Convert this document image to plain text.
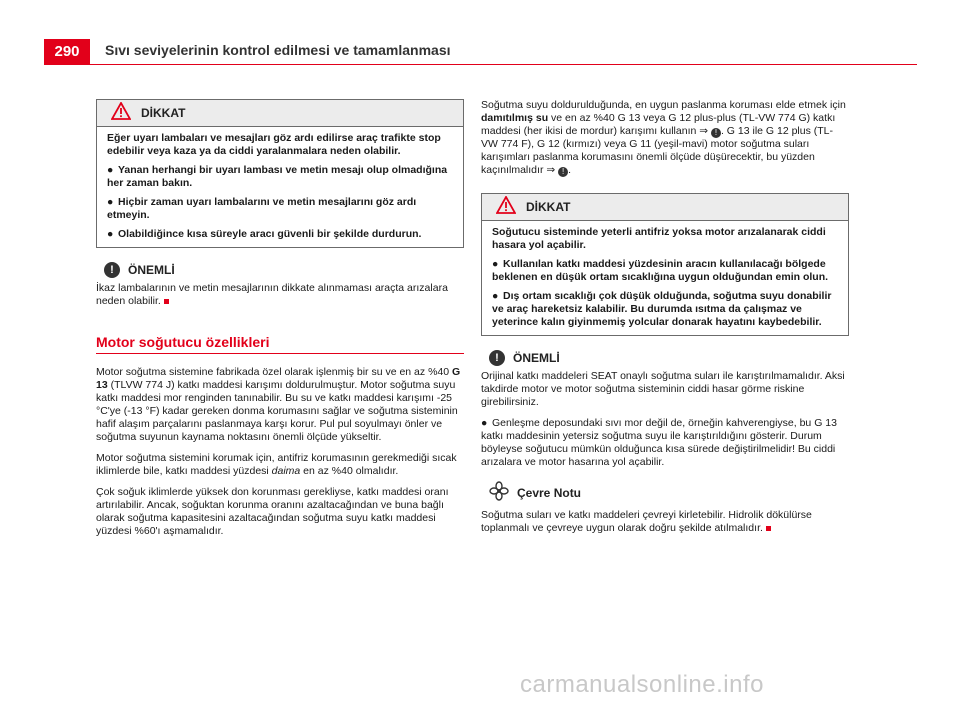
290	Sıvı seviyelerinin kontrol edilmesi ve tamamlanması
DİKKAT

Eğer uyarı lambaları ve mesajları göz ardı edilirse araç trafikte stop edebilir veya kaza ya da ciddi yaralanmalara neden olabilir.

● Yanan herhangi bir uyarı lambası ve metin mesajı olup olmadığına her zaman bakın.

● Hiçbir zaman uyarı lambalarını ve metin mesajlarını göz ardı etmeyin.

● Olabildiğince kısa süreyle aracı güvenli bir şekilde durdurun.

!	ÖNEMLİ

İkaz lambalarının ve metin mesajlarının dikkate alınmaması araçta arızalara neden olabilir.

Motor soğutucu özellikleri

Motor soğutma sistemine fabrikada özel olarak işlenmiş bir su ve en az %40 G 13 (TLVW 774 J) katkı maddesi karışımı doldurulmuştur. Motor soğutma suyu katkı maddesi mor renginden tanınabilir. Bu su ve katkı maddesi karışımı -25 °C'ye (-13 °F) kadar gereken donma korumasını sağlar ve soğutma sisteminin hafif alaşım parçalarını paslanmaya karşı korur. Pul pul soyulmayı önler ve soğutma suyunun kaynama noktasını önemli ölçüde yükseltir.

Motor soğutma sistemini korumak için, antifriz korumasının gerekmediği sıcak iklimlerde bile, katkı maddesi yüzdesi daima en az %40 olmalıdır.

Çok soğuk iklimlerde yüksek don korunması gerekliyse, katkı maddesi oranı artırılabilir. Ancak, soğuktan korunma oranını azaltacağından ve buna bağlı olarak soğutma kapasitesini azaltacağından soğutma suyu katkı maddesi yüzdesi %60'ı aşmamalıdır.

Soğutma suyu doldurulduğunda, en uygun paslanma koruması elde etmek için damıtılmış su ve en az %40 G 13 veya G 12 plus-plus (TL-VW 774 G) katkı maddesi (her ikisi de mordur) karışımı kullanın ⇒ ! . G 13 ile G 12 plus (TL-VW 774 F), G 12 (kırmızı) veya G 11 (yeşil-mavi) motor soğutma suları karışımları paslanma korumasını önemli ölçüde düşürecektir, bu yüzden kaçınılmalıdır ⇒ ! .

DİKKAT

Soğutucu sisteminde yeterli antifriz yoksa motor arızalanarak ciddi hasara yol açabilir.

● Kullanılan katkı maddesi yüzdesinin aracın kullanılacağı bölgede beklenen en düşük ortam sıcaklığına uygun olduğundan emin olun.

● Dış ortam sıcaklığı çok düşük olduğunda, soğutma suyu donabilir ve araç hareketsiz kalabilir. Bu durumda ısıtma da çalışmaz ve yeterince kalın giyinmemiş yolcular donarak hayatını kaybedebilir.

!	ÖNEMLİ

Orijinal katkı maddeleri SEAT onaylı soğutma suları ile karıştırılmamalıdır. Aksi takdirde motor ve motor soğutma sisteminin ciddi hasar görme riskine girebilirsiniz.

● Genleşme deposundaki sıvı mor değil de, örneğin kahverengiyse, bu G 13 katkı maddesinin yetersiz soğutma suyu ile karıştırıldığını gösterir. Durum böyleyse soğutucu mümkün olduğunca kısa sürede değiştirilmelidir! Bu ciddi arızalara ve motor hasarına yol açabilir.

Çevre Notu

Soğutma suları ve katkı maddeleri çevreyi kirletebilir. Hidrolik dökülürse toplanmalı ve çevreye uygun olarak doğru şekilde atılmalıdır.

carmanualsonline.info
